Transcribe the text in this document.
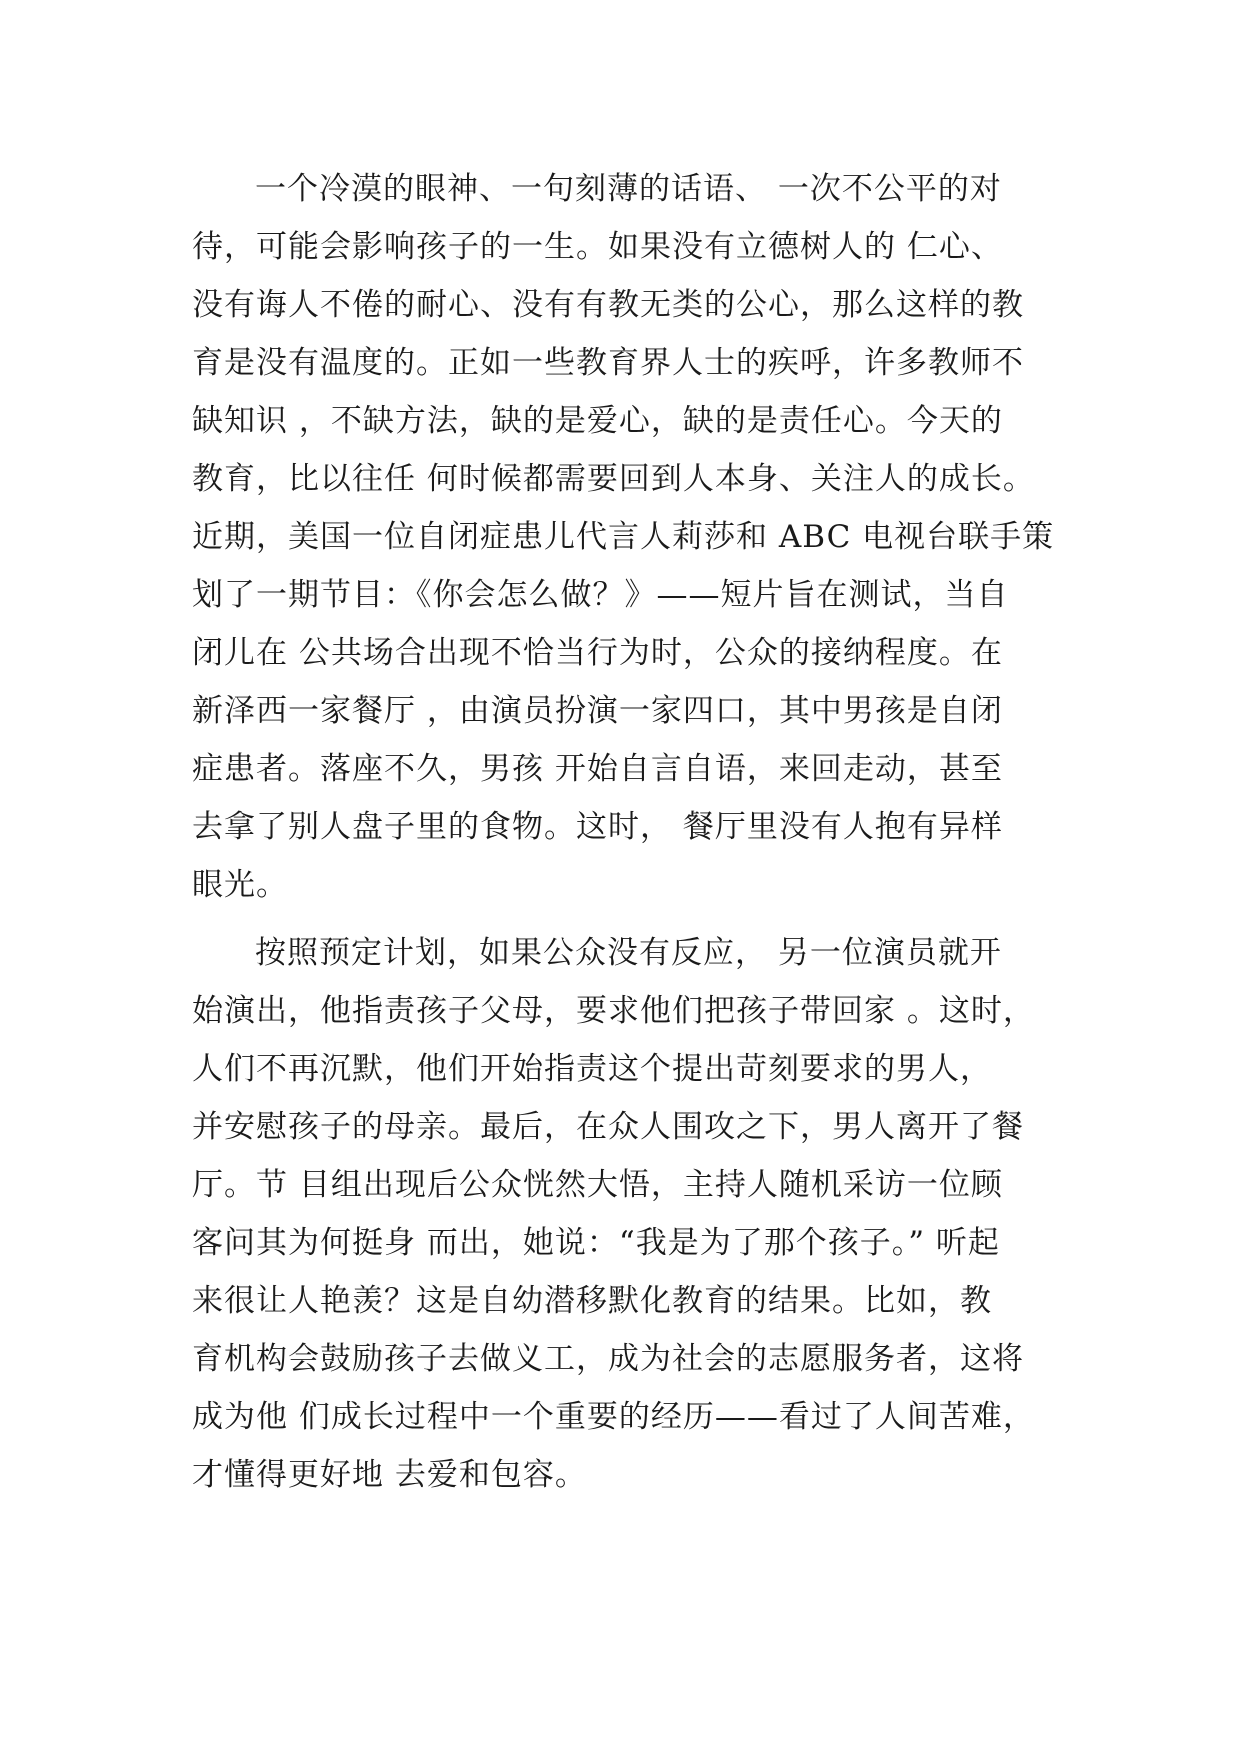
一个冷漠的眼神、一句刻薄的话语、 一次不公平的对
待，可能会影响孩子的一生。如果没有立德树人的 仁心、
没有诲人不倦的耐心、没有有教无类的公心，那么这样的教
育是没有温度的。正如一些教育界人士的疾呼，许多教师不
缺知识 ，不缺方法，缺的是爱心，缺的是责任心。今天的
教育，比以往任 何时候都需要回到人本身、关注人的成长。
近期，美国一位自闭症患儿代言人莉莎和 ABC 电视台联手策
划了一期节目：《你会怎么做？》——短片旨在测试，当自
闭儿在 公共场合出现不恰当行为时，公众的接纳程度。在
新泽西一家餐厅 ，由演员扮演一家四口，其中男孩是自闭
症患者。落座不久，男孩 开始自言自语，来回走动，甚至
去拿了别人盘子里的食物。这时， 餐厅里没有人抱有异样
眼光。
按照预定计划，如果公众没有反应， 另一位演员就开
始演出，他指责孩子父母，要求他们把孩子带回家 。这时，
人们不再沉默，他们开始指责这个提出苛刻要求的男人，
并安慰孩子的母亲。最后，在众人围攻之下，男人离开了餐
厅。节 目组出现后公众恍然大悟，主持人随机采访一位顾
客问其为何挺身 而出，她说：“我是为了那个孩子。” 听起
来很让人艳羡？这是自幼潜移默化教育的结果。比如，教
育机构会鼓励孩子去做义工，成为社会的志愿服务者，这将
成为他 们成长过程中一个重要的经历——看过了人间苦难，
才懂得更好地 去爱和包容。
